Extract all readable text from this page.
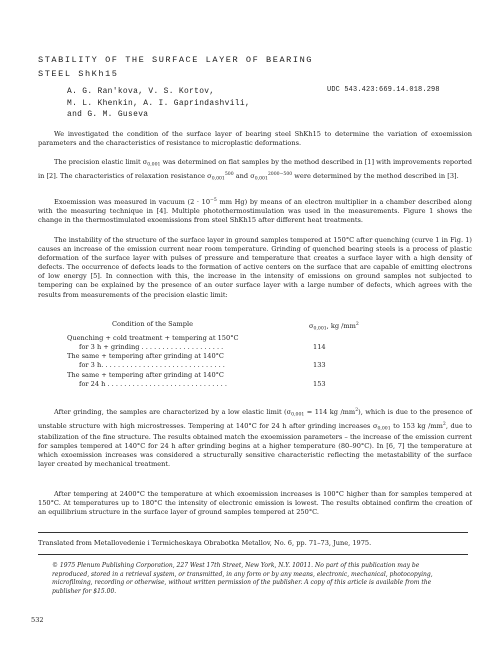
STABILITY OF THE SURFACE LAYER OF BEARING
STEEL ShKh15
A. G. Ran'kova, V. S. Kortov,
M. L. Khenkin, A. I. Gaprindashvili,
and G. M. Guseva
UDC 543.423:669.14.018.298

We investigated the condition of the surface layer of bearing steel ShKh15 to determine the variation of exoemission parameters and the characteristics of resistance to microplastic deformations.

The precision elastic limit $\sigma_{0,001}$ was determined on flat samples by the method described in [1] with improvements reported in [2]. The characteristics of relaxation resistance $\sigma_{0,001}^{500}$ and $\sigma_{0,001}^{2000-500}$ were determined by the method described in [3].

Exoemission was measured in vacuum ($2 \cdot 10^{-5}$ mm Hg) by means of an electron multiplier in a chamber described along with the measuring technique in [4]. Multiple photothermostimulation was used in the measurements. Figure 1 shows the change in the thermostimulated exoemissions from steel ShKh15 after different heat treatments.

The instability of the structure of the surface layer in ground samples tempered at 150°C after quenching (curve 1 in Fig. 1) causes an increase of the emission current near room temperature. Grinding of quenched bearing steels is a process of plastic deformation of the surface layer with pulses of pressure and temperature that creates a surface layer with a high density of defects. The occurrence of defects leads to the formation of active centers on the surface that are capable of emitting electrons of low energy [5]. In connection with this, the increase in the intensity of emissions on ground samples not subjected to tempering can be explained by the presence of an outer surface layer with a large number of defects, which agrees with the results from measurements of the precision elastic limit:

Condition of the Sample	$\sigma_{0,001}$, kg $/mm^2$
Quenching + cold treatment + tempering at 150°C
for 3 h + grinding . . . . . . . . . . . . . . . . . . . .	114
The same + tempering after grinding at 140°C
for 3 h. . . . . . . . . . . . . . . . . . . . . . . . . . . . . .	133
The same + tempering after grinding at 140°C
for 24 h . . . . . . . . . . . . . . . . . . . . . . . . . . . . .	153

After grinding, the samples are characterized by a low elastic limit ($\sigma_{0,001} = 114$ kg $/mm^2$), which is due to the presence of unstable structure with high microstresses. Tempering at 140°C for 24 h after grinding increases $\sigma_{0,001}$ to 153 kg $/mm^2$, due to stabilization of the fine structure. The results obtained match the exoemission parameters – the increase of the emission current for samples tempered at 140°C for 24 h after grinding begins at a higher temperature (80–90°C). In [6, 7] the temperature at which exoemission increases was considered a structurally sensitive characteristic reflecting the metastability of the surface layer created by mechanical treatment.

After tempering at 2400°C the temperature at which exoemission increases is 100°C higher than for samples tempered at 150°C. At temperatures up to 180°C the intensity of electronic emission is lowest. The results obtained confirm the creation of an equilibrium structure in the surface layer of ground samples tempered at 250°C.

Translated from Metallovedenie i Termicheskaya Obrabotka Metallov, No. 6, pp. 71–73, June, 1975.
© 1975 Plenum Publishing Corporation, 227 West 17th Street, New York, N.Y. 10011. No part of this publication may be reproduced, stored in a retrieval system, or transmitted, in any form or by any means, electronic, mechanical, photocopying, microfilming, recording or otherwise, without written permission of the publisher. A copy of this article is available from the publisher for $15.00.
532
